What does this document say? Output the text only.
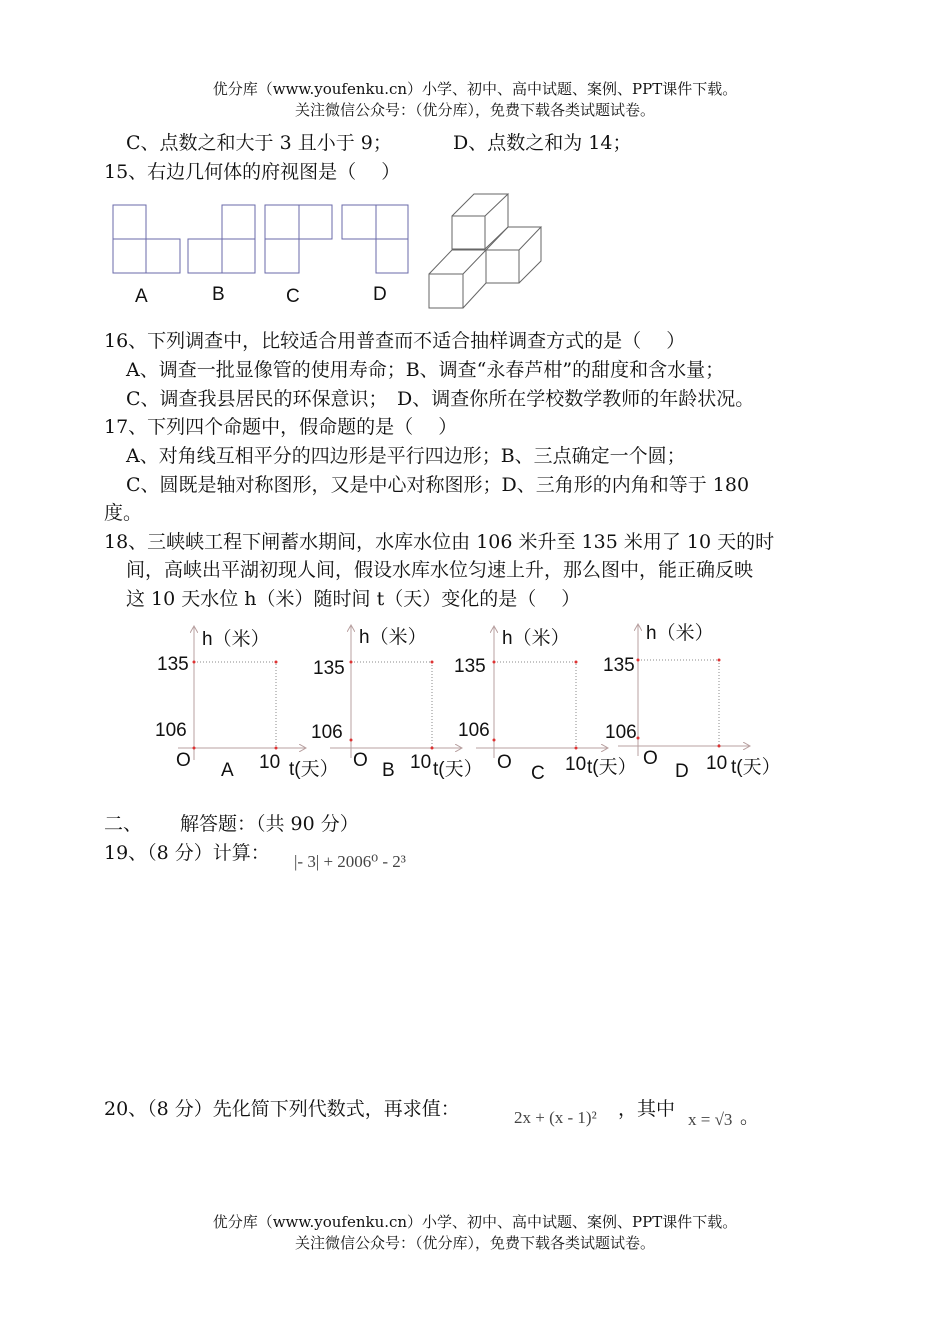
优分库（www.youfenku.cn）小学、初中、高中试题、案例、PPT课件下载。
关注微信公众号：（优分库），免费下载各类试题试卷。
C、点数之和大于 3 且小于 9；	D、点数之和为 14；
15、右边几何体的府视图是（　 ）
A	B	C	D
16、下列调查中，比较适合用普查而不适合抽样调查方式的是（　 ）
A、调查一批显像管的使用寿命；B、调查“永春芦柑”的甜度和含水量；
C、调查我县居民的环保意识；　D、调查你所在学校数学教师的年龄状况。
17、下列四个命题中，假命题的是（　 ）
A、对角线互相平分的四边形是平行四边形；B、三点确定一个圆；
C、圆既是轴对称图形，又是中心对称图形；D、三角形的内角和等于 180
度。
18、三峡峡工程下闸蓄水期间，水库水位由 106 米升至 135 米用了 10 天的时
间，高峡出平湖初现人间，假设水库水位匀速上升，那么图中，能正确反映
这 10 天水位 h（米）随时间 t（天）变化的是（　 ）
h（米）
135
106
O	10 t(天）
A
h（米）
135
106
O 10 t(天）
B
h（米）
135
106
O	10 t(天）
C
h（米）
135
106
O	10 t(天）
D
二、 解答题：（共 90 分）
19、（8 分）计算： |- 3| + 2006⁰ - 2³
20、（8 分）先化简下列代数式，再求值：	2x + (x - 1)² ，其中 x = √3 。
优分库（www.youfenku.cn）小学、初中、高中试题、案例、PPT课件下载。
关注微信公众号：（优分库），免费下载各类试题试卷。
